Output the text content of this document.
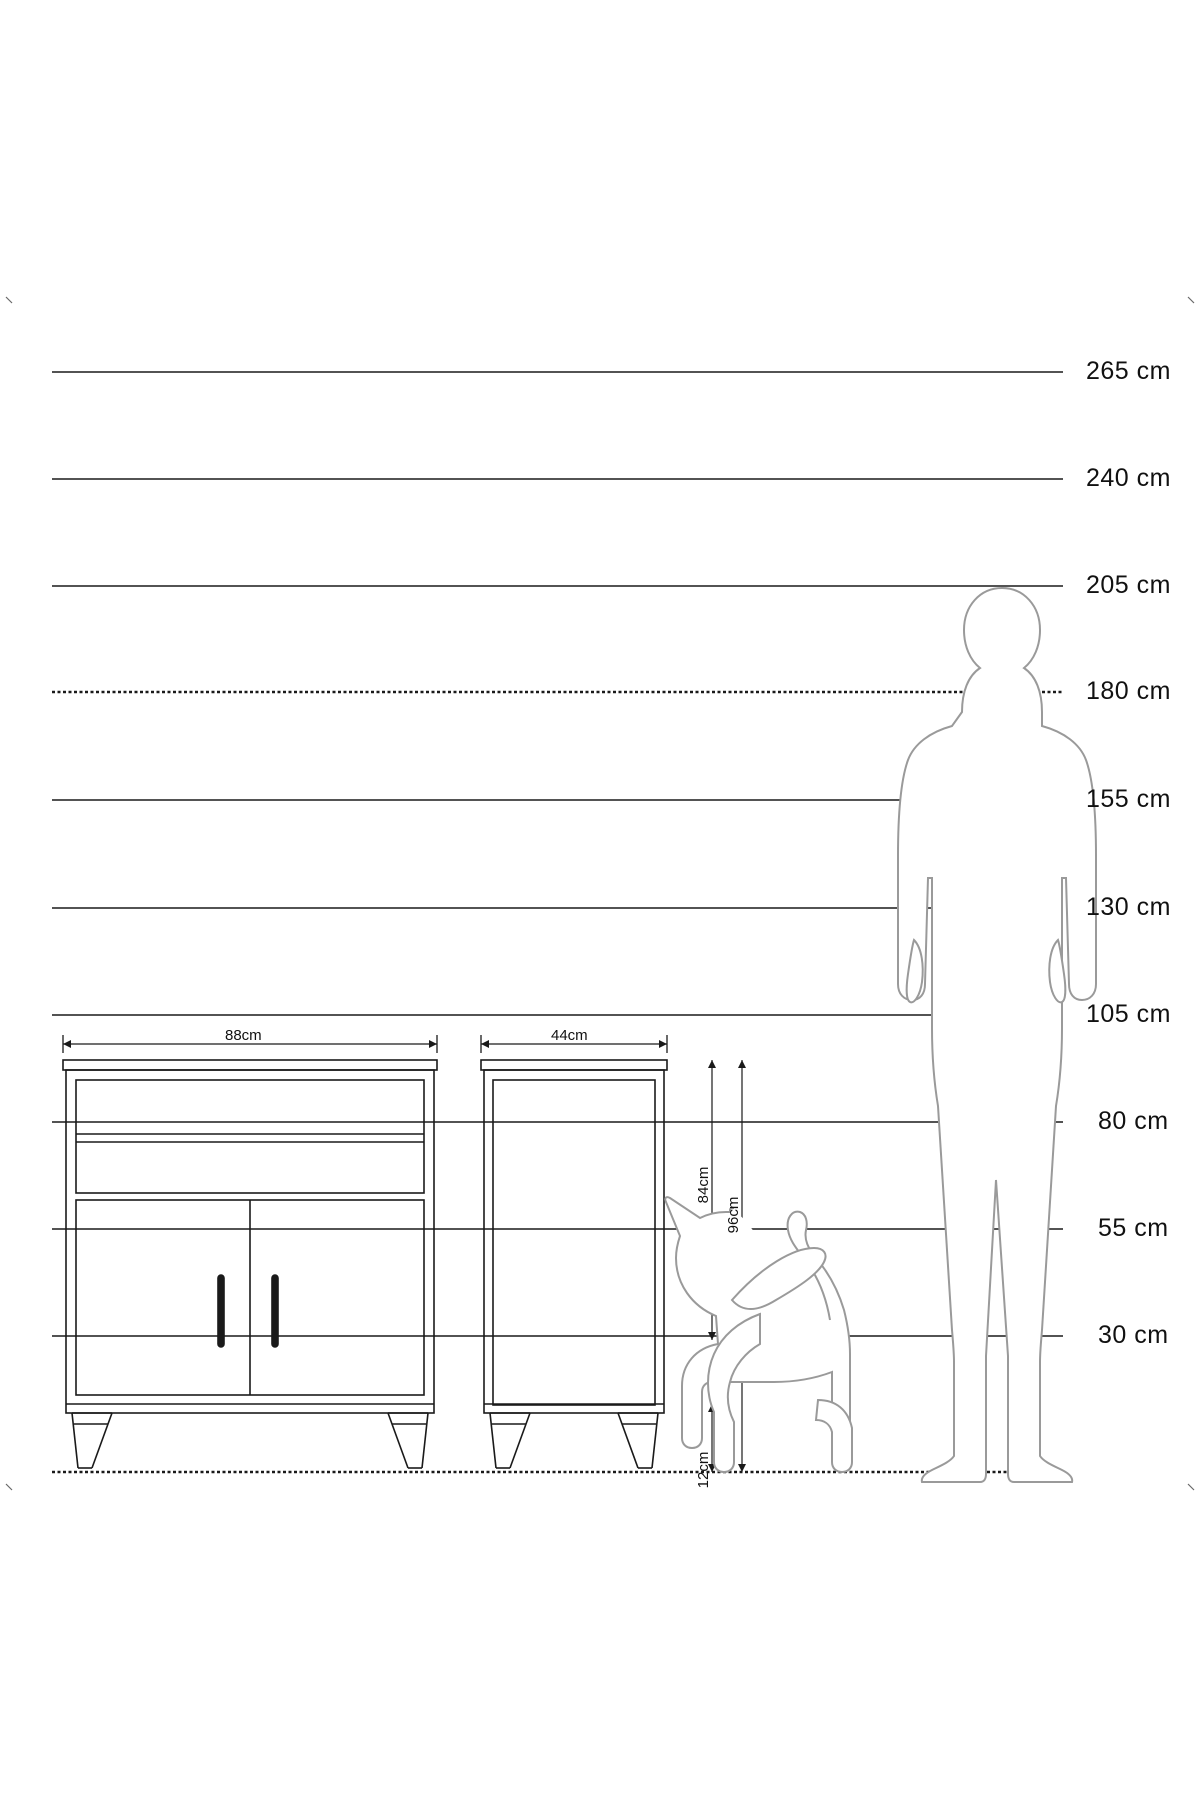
265 cm
240 cm
205 cm
180 cm
155 cm
130 cm
105 cm
80 cm
55 cm
30 cm
88cm	44cm
84cm
96cm
12cm
